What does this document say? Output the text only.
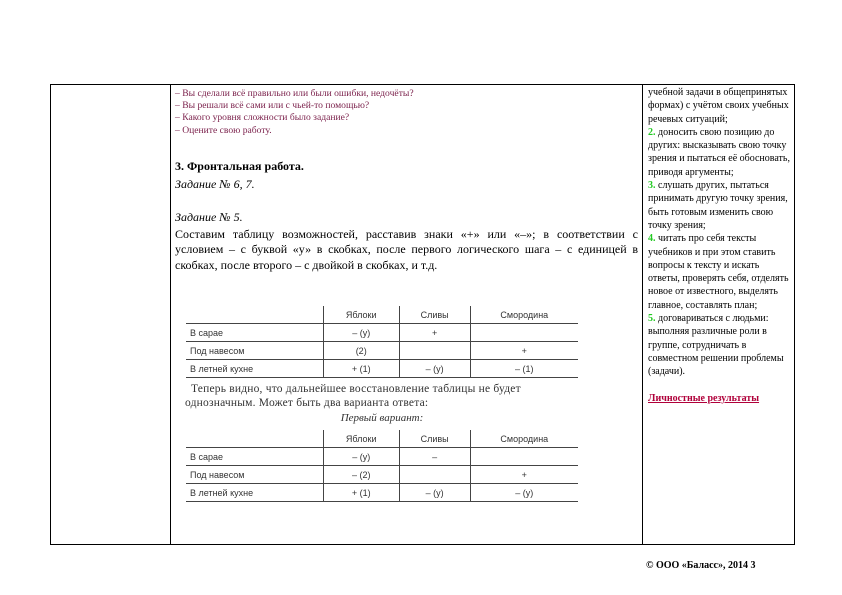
– Вы сделали всё правильно или были ошибки, недочёты?
– Вы решали всё сами или с чьей-то помощью?
– Какого уровня сложности было задание?
– Оцените свою работу.
3. Фронтальная работа.
Задание № 6, 7.
Задание № 5.
Составим таблицу возможностей, расставив знаки «+» или «–»; в соответствии с условием – с буквой «у» в скобках, после первого логического шага – с единицей в скобках, после второго – с двойкой в скобках, и т.д.
	Яблоки	Сливы	Смородина
В сарае	– (у)	+	
Под навесом	(2)		+
В летней кухне	+ (1)	– (у)	– (1)
Теперь видно, что дальнейшее восстановление таблицы не будет
однозначным. Может быть два варианта ответа:
Первый вариант:
	Яблоки	Сливы	Смородина
В сарае	– (у)	–	
Под навесом	– (2)		+
В летней кухне	+ (1)	– (у)	– (у)
учебной задачи в общепринятых формах) с учётом своих учебных речевых ситуаций;
2. доносить свою позицию до других: высказывать свою точку зрения и пытаться её обосновать, приводя аргументы;
3. слушать других, пытаться принимать другую точку зрения, быть готовым изменить свою точку зрения;
4. читать про себя тексты учебников и при этом ставить вопросы к тексту и искать ответы, проверять себя, отделять новое от известного, выделять главное, составлять план;
5. договариваться с людьми: выполняя различные роли в группе, сотрудничать в совместном решении проблемы (задачи).
Личностные результаты
© ООО «Баласс», 2014 3
